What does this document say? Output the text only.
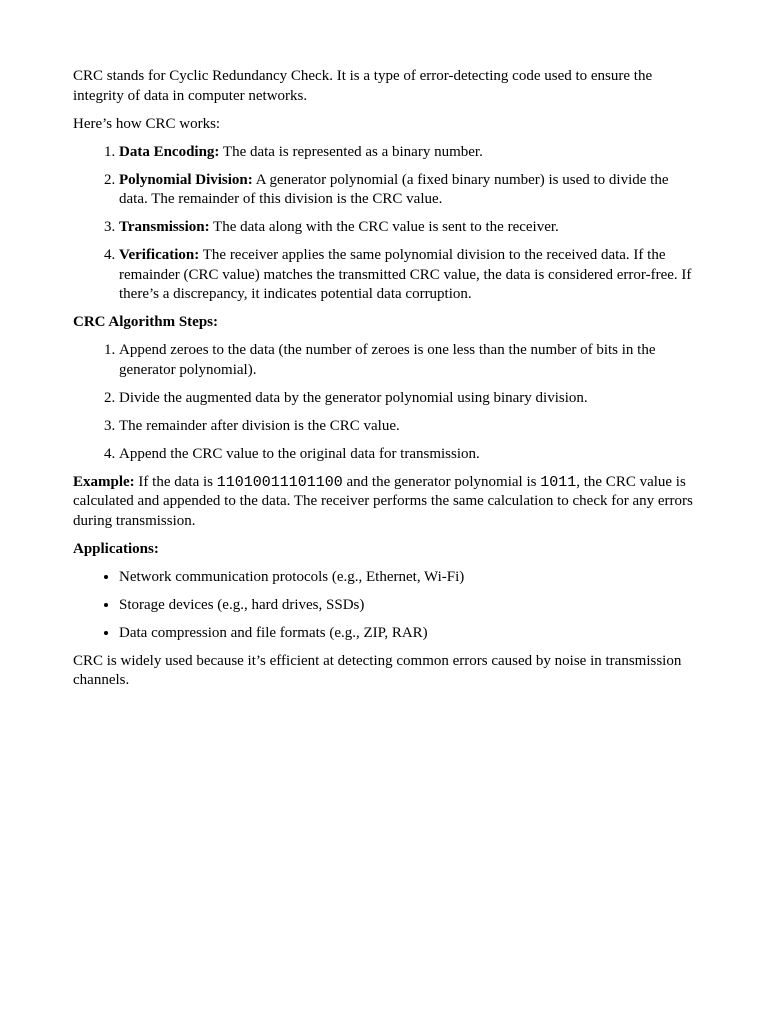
CRC stands for Cyclic Redundancy Check. It is a type of error-detecting code used to ensure the integrity of data in computer networks.

Here’s how CRC works:

1. Data Encoding: The data is represented as a binary number.
2. Polynomial Division: A generator polynomial (a fixed binary number) is used to divide the data. The remainder of this division is the CRC value.
3. Transmission: The data along with the CRC value is sent to the receiver.
4. Verification: The receiver applies the same polynomial division to the received data. If the remainder (CRC value) matches the transmitted CRC value, the data is considered error-free. If there’s a discrepancy, it indicates potential data corruption.

CRC Algorithm Steps:

1. Append zeroes to the data (the number of zeroes is one less than the number of bits in the generator polynomial).
2. Divide the augmented data by the generator polynomial using binary division.
3. The remainder after division is the CRC value.
4. Append the CRC value to the original data for transmission.

Example: If the data is 11010011101100 and the generator polynomial is 1011, the CRC value is calculated and appended to the data. The receiver performs the same calculation to check for any errors during transmission.

Applications:

• Network communication protocols (e.g., Ethernet, Wi-Fi)
• Storage devices (e.g., hard drives, SSDs)
• Data compression and file formats (e.g., ZIP, RAR)

CRC is widely used because it’s efficient at detecting common errors caused by noise in transmission channels.
